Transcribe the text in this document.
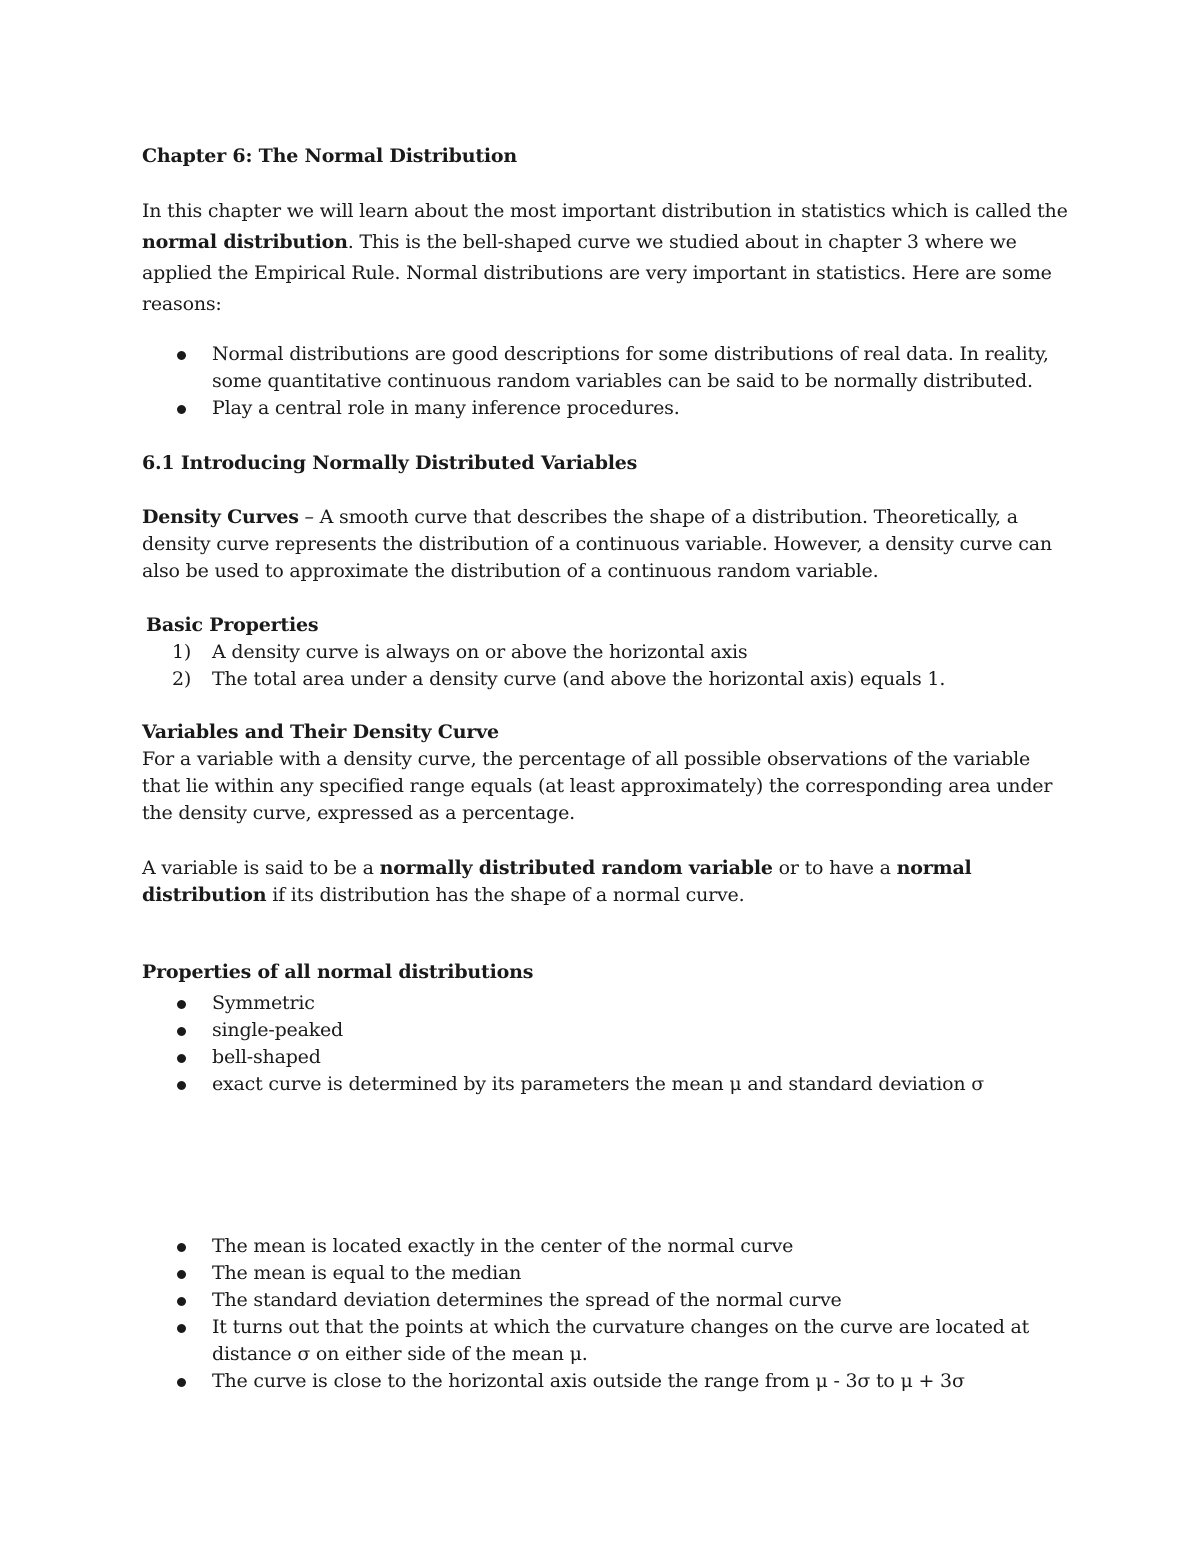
Chapter 6: The Normal Distribution
In this chapter we will learn about the most important distribution in statistics which is called the
normal distribution. This is the bell-shaped curve we studied about in chapter 3 where we
applied the Empirical Rule. Normal distributions are very important in statistics. Here are some
reasons:
Normal distributions are good descriptions for some distributions of real data. In reality,
some quantitative continuous random variables can be said to be normally distributed.
Play a central role in many inference procedures.
6.1 Introducing Normally Distributed Variables
Density Curves – A smooth curve that describes the shape of a distribution. Theoretically, a
density curve represents the distribution of a continuous variable. However, a density curve can
also be used to approximate the distribution of a continuous random variable.
Basic Properties
1) A density curve is always on or above the horizontal axis
2) The total area under a density curve (and above the horizontal axis) equals 1.
Variables and Their Density Curve
For a variable with a density curve, the percentage of all possible observations of the variable
that lie within any specified range equals (at least approximately) the corresponding area under
the density curve, expressed as a percentage.
A variable is said to be a normally distributed random variable or to have a normal
distribution if its distribution has the shape of a normal curve.
Properties of all normal distributions
Symmetric
single-peaked
bell-shaped
exact curve is determined by its parameters the mean μ and standard deviation σ
The mean is located exactly in the center of the normal curve
The mean is equal to the median
The standard deviation determines the spread of the normal curve
It turns out that the points at which the curvature changes on the curve are located at
distance σ on either side of the mean μ.
The curve is close to the horizontal axis outside the range from μ - 3σ to μ + 3σ
